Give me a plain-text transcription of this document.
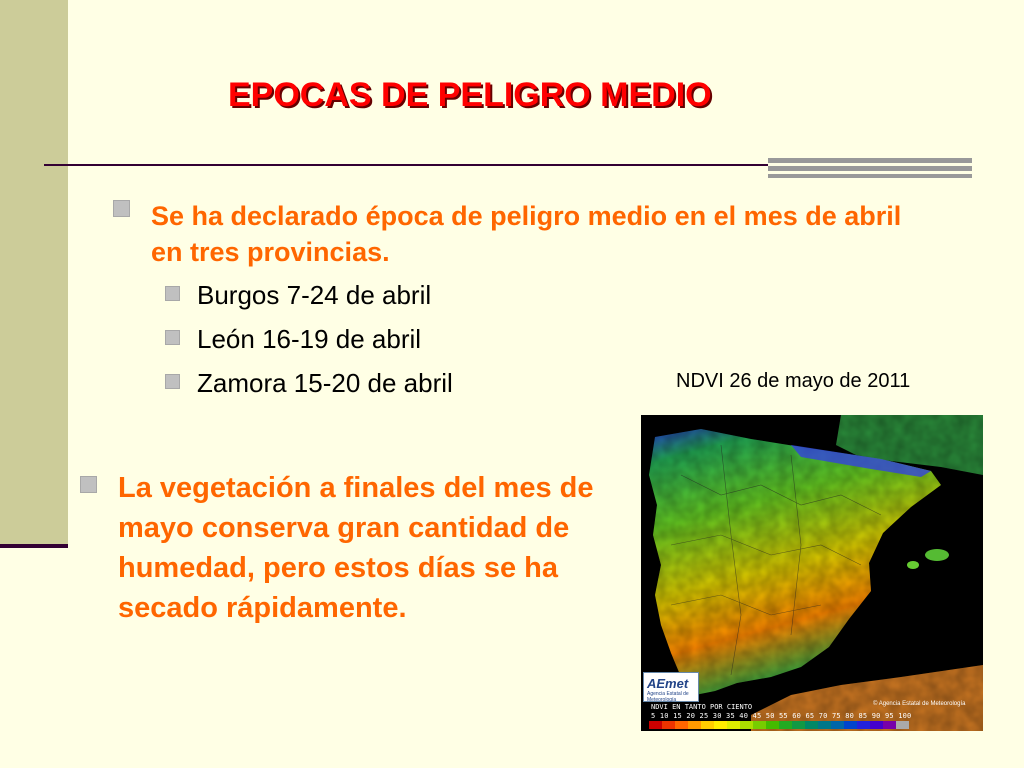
EPOCAS DE PELIGRO MEDIO
Se ha declarado época de peligro medio en el mes de abril en tres provincias.
Burgos 7-24 de abril
León 16-19 de abril
Zamora 15-20 de abril
La vegetación a finales del mes de mayo conserva gran cantidad de humedad, pero estos días se ha secado rápidamente.
NDVI 26 de mayo de 2011
AEmet
Agencia Estatal de Meteorología
NDVI EN TANTO POR CIENTO	© Agencia Estatal de Meteorología
5 10 15 20 25 30 35 40 45 50 55 60 65 70 75 80 85 90 95 100
